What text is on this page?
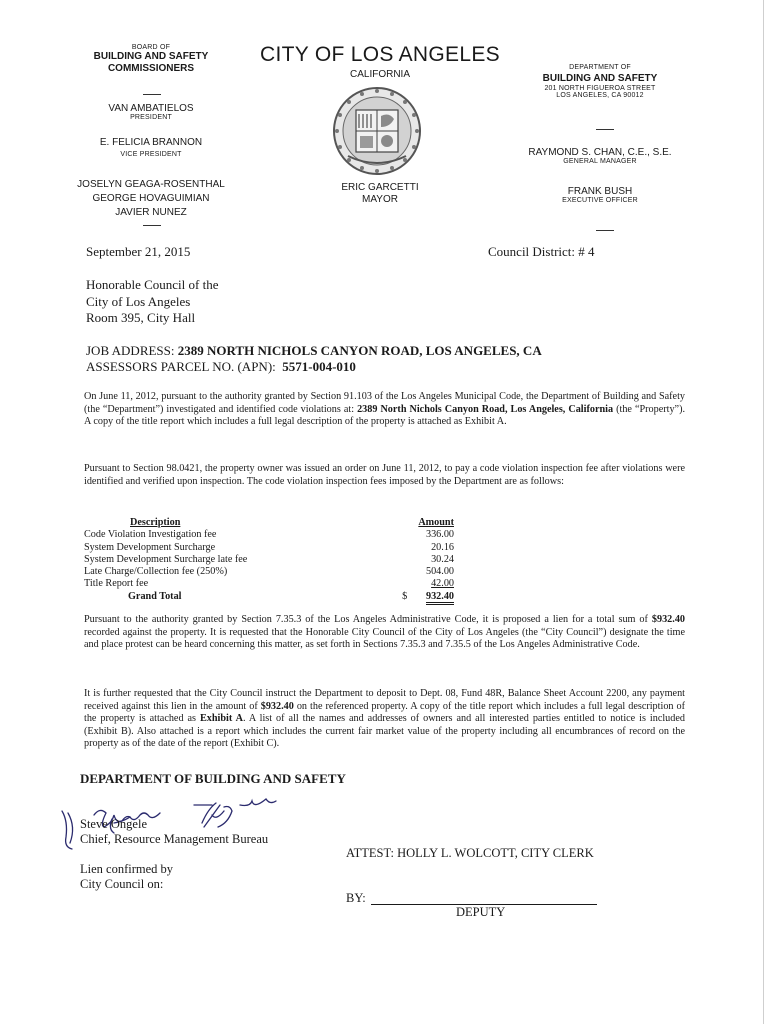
BOARD OF
BUILDING AND SAFETY
COMMISSIONERS
VAN AMBATIELOS
PRESIDENT
E. FELICIA BRANNON
VICE PRESIDENT
JOSELYN GEAGA-ROSENTHAL
GEORGE HOVAGUIMIAN
JAVIER NUNEZ
CITY OF LOS ANGELES
CALIFORNIA
ERIC GARCETTI
MAYOR
DEPARTMENT OF
BUILDING AND SAFETY
201 NORTH FIGUEROA STREET
LOS ANGELES, CA 90012
RAYMOND S. CHAN, C.E., S.E.
GENERAL MANAGER
FRANK BUSH
EXECUTIVE OFFICER
September 21, 2015	Council District: # 4
Honorable Council of the
City of Los Angeles
Room 395, City Hall
JOB ADDRESS: 2389 NORTH NICHOLS CANYON ROAD, LOS ANGELES, CA
ASSESSORS PARCEL NO. (APN): 5571-004-010
On June 11, 2012, pursuant to the authority granted by Section 91.103 of the Los Angeles Municipal Code, the Department of Building and Safety (the “Department”) investigated and identified code violations at: 2389 North Nichols Canyon Road, Los Angeles, California (the “Property”). A copy of the title report which includes a full legal description of the property is attached as Exhibit A.
Pursuant to Section 98.0421, the property owner was issued an order on June 11, 2012, to pay a code violation inspection fee after violations were identified and verified upon inspection. The code violation inspection fees imposed by the Department are as follows:
Description		Amount
Code Violation Investigation fee		336.00
System Development Surcharge		20.16
System Development Surcharge late fee		30.24
Late Charge/Collection fee (250%)		504.00
Title Report fee		42.00
Grand Total	$	932.40
Pursuant to the authority granted by Section 7.35.3 of the Los Angeles Administrative Code, it is proposed a lien for a total sum of $932.40 recorded against the property. It is requested that the Honorable City Council of the City of Los Angeles (the “City Council”) designate the time and place protest can be heard concerning this matter, as set forth in Sections 7.35.3 and 7.35.5 of the Los Angeles Administrative Code.
It is further requested that the City Council instruct the Department to deposit to Dept. 08, Fund 48R, Balance Sheet Account 2200, any payment received against this lien in the amount of $932.40 on the referenced property. A copy of the title report which includes a full legal description of the property is attached as Exhibit A. A list of all the names and addresses of owners and all interested parties entitled to notice is included (Exhibit B). Also attached is a report which includes the current fair market value of the property including all encumbrances of record on the property as of the date of the report (Exhibit C).
DEPARTMENT OF BUILDING AND SAFETY
Steve Ongele
Chief, Resource Management Bureau
ATTEST: HOLLY L. WOLCOTT, CITY CLERK
Lien confirmed by
City Council on:
BY:
DEPUTY
